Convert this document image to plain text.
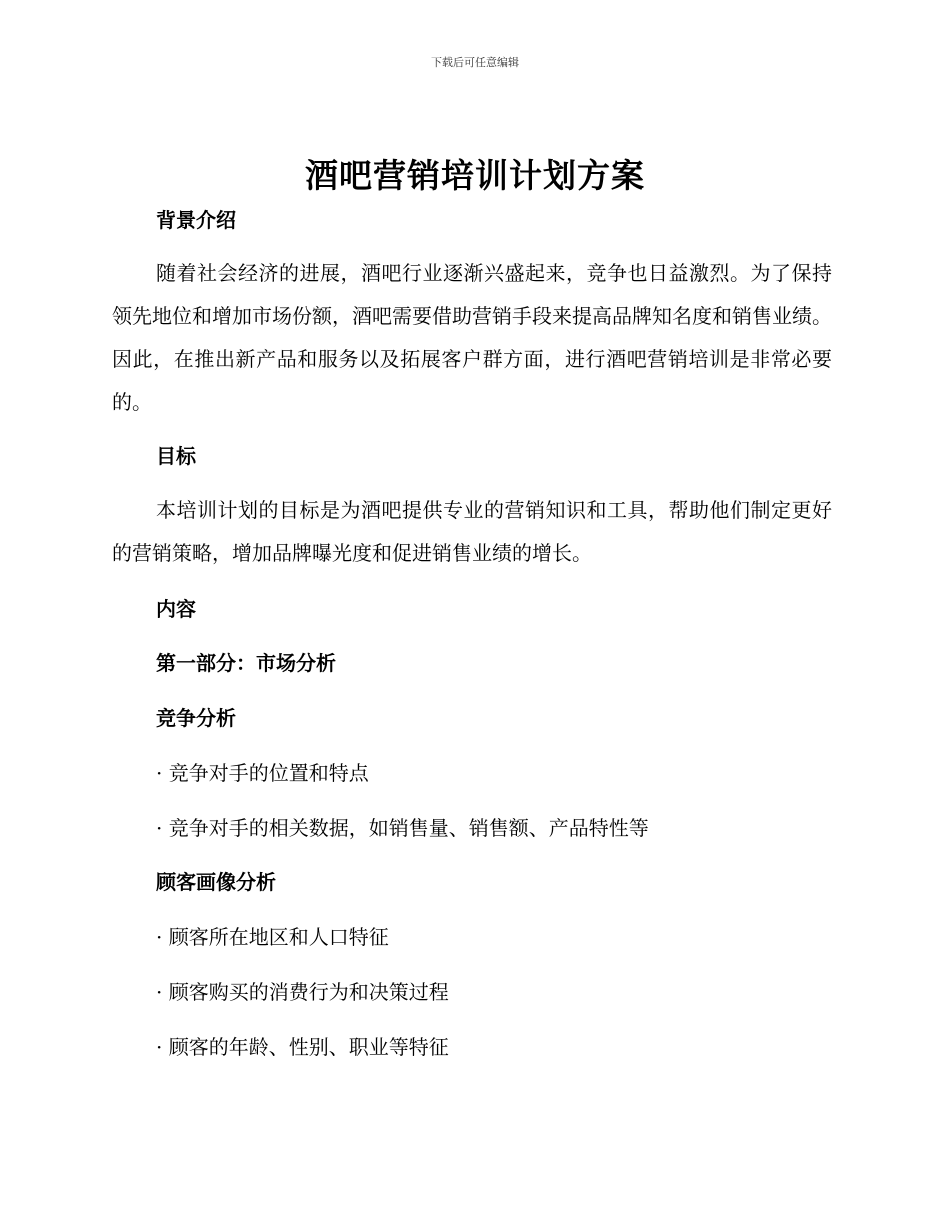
下载后可任意编辑
酒吧营销培训计划方案
背景介绍

随着社会经济的进展，酒吧行业逐渐兴盛起来，竞争也日益激烈。为了保持领先地位和增加市场份额，酒吧需要借助营销手段来提高品牌知名度和销售业绩。因此，在推出新产品和服务以及拓展客户群方面，进行酒吧营销培训是非常必要的。

目标

本培训计划的目标是为酒吧提供专业的营销知识和工具，帮助他们制定更好的营销策略，增加品牌曝光度和促进销售业绩的增长。

内容
第一部分：市场分析
竞争分析
· 竞争对手的位置和特点
· 竞争对手的相关数据，如销售量、销售额、产品特性等
顾客画像分析
· 顾客所在地区和人口特征
· 顾客购买的消费行为和决策过程
· 顾客的年龄、性别、职业等特征
